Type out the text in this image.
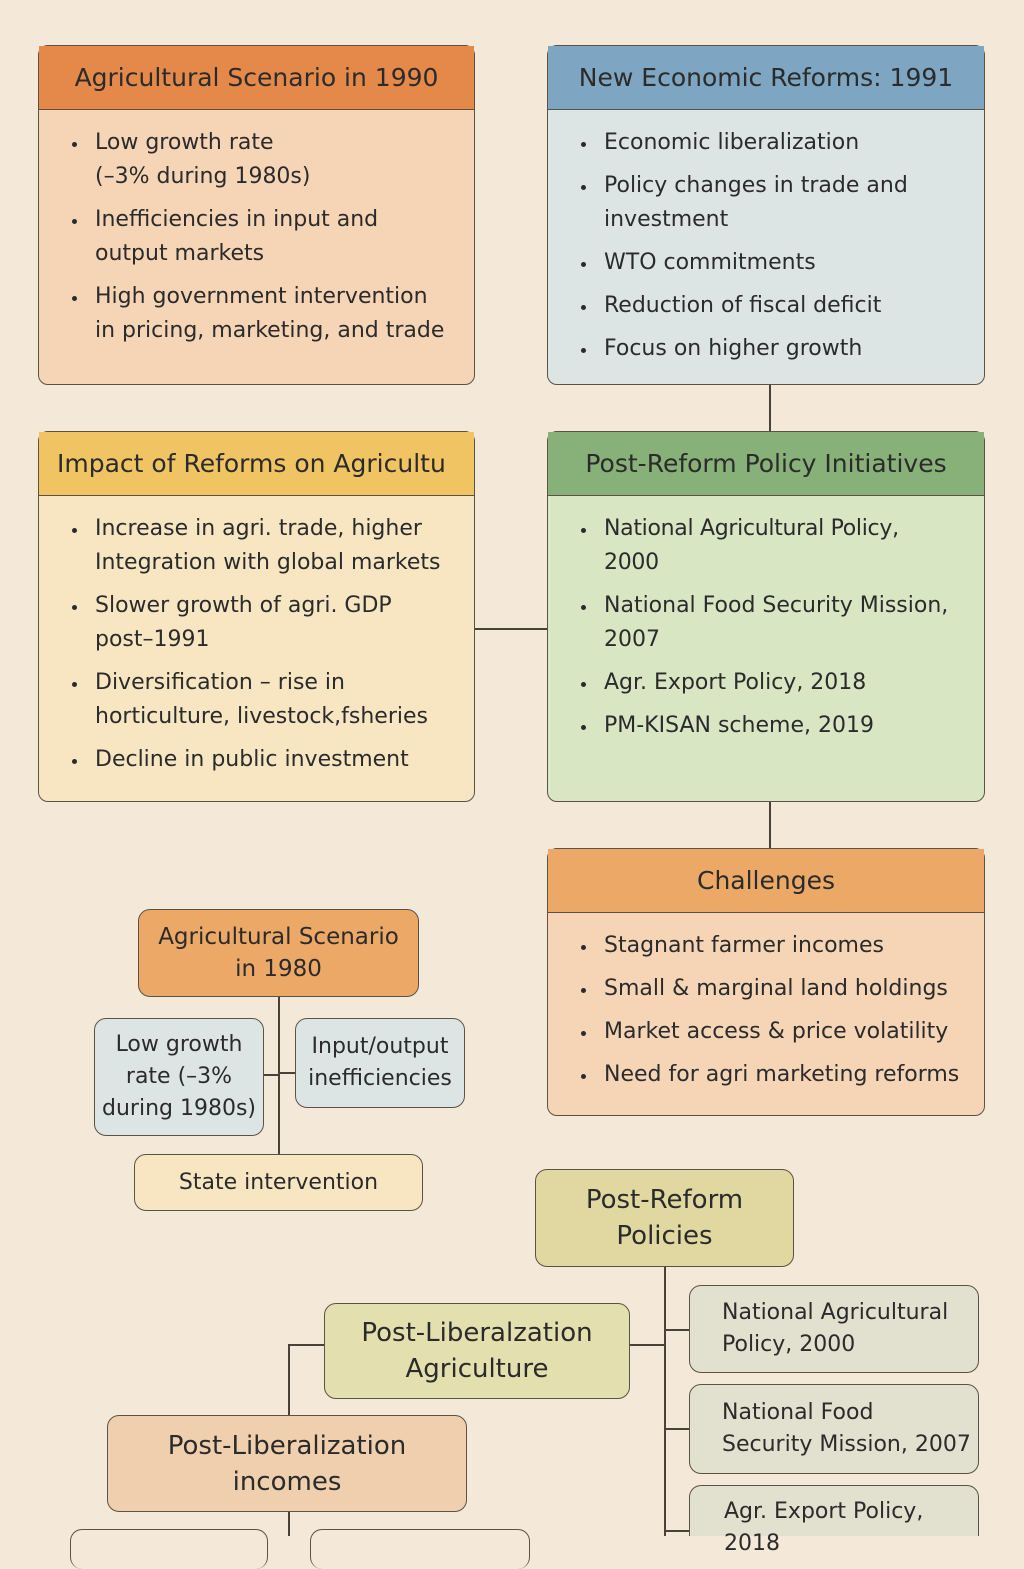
Agricultural Scenario in 1990
• Low growth rate
(–3% during 1980s)
• Inefficiencies in input and output markets
• High government intervention in pricing, marketing, and trade
New Economic Reforms: 1991
• Economic liberalization
• Policy changes in trade and investment
• WTO commitments
• Reduction of fiscal deficit
• Focus on higher growth
Impact of Reforms on Agricultu
• Increase in agri. trade, higher Integration with global markets
• Slower growth of agri. GDP post–1991
• Diversification – rise in horticulture, livestock,fsheries
• Decline in public investment
Post-Reform Policy Initiatives
• National Agricultural Policy, 2000
• National Food Security Mission, 2007
• Agr. Export Policy, 2018
• PM-KISAN scheme, 2019
Challenges
• Stagnant farmer incomes
• Small & marginal land holdings
• Market access & price volatility
• Need for agri marketing reforms
Agricultural Scenario
in 1980
Low growth
rate (–3%
during 1980s)
Input/output
inefficiencies
State intervention
Post-Reform
Policies
Post-Liberalzation
Agriculture
Post-Liberalization
incomes
National Agricultural
Policy, 2000
National Food
Security Mission, 2007
Agr. Export Policy,
2018
